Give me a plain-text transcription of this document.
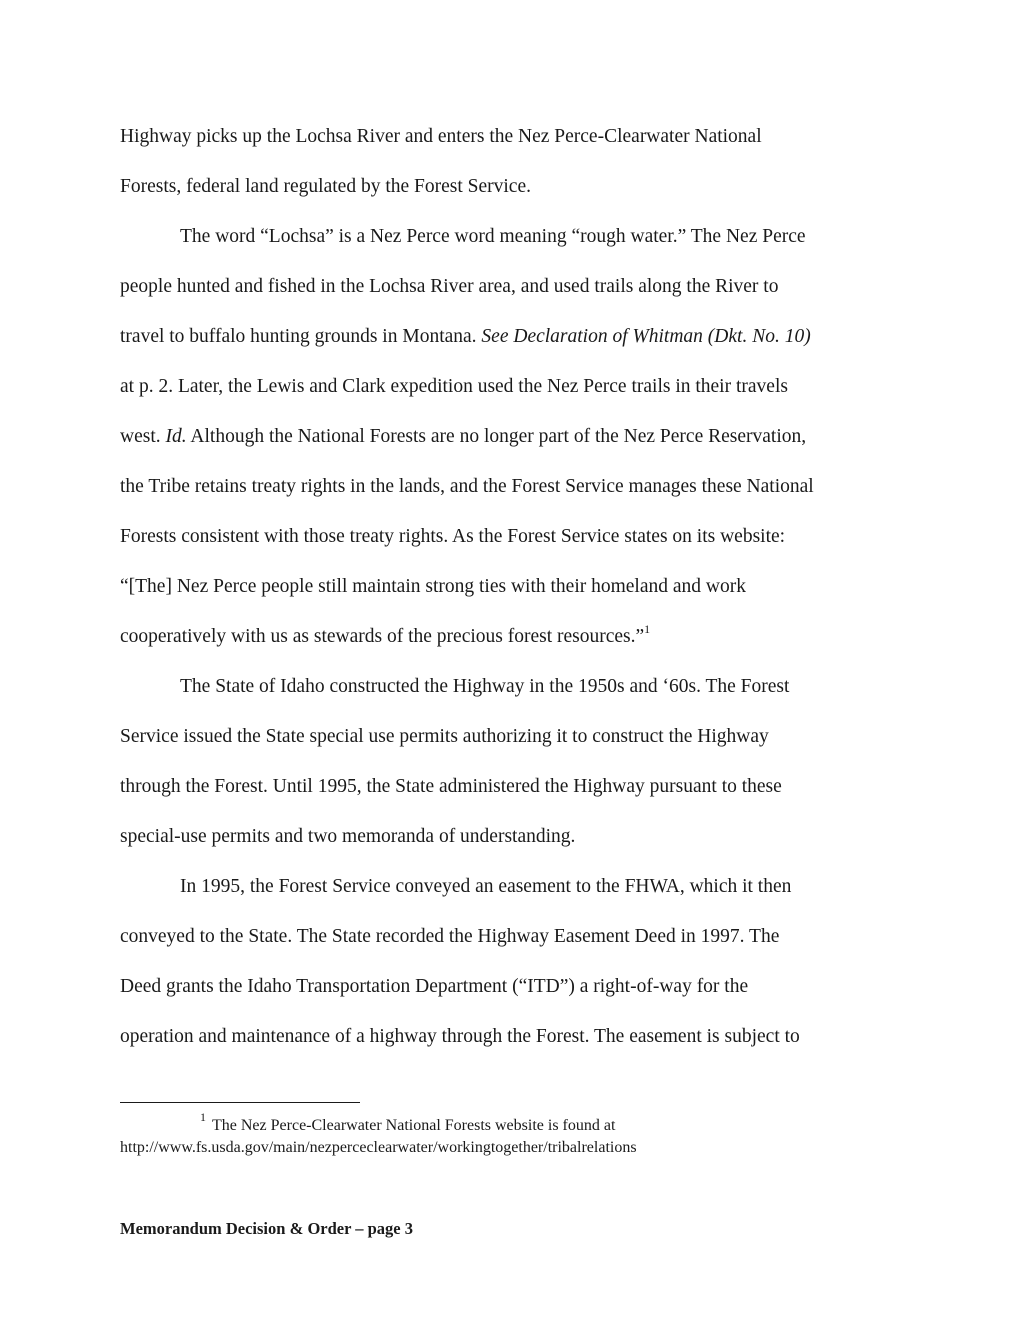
Highway picks up the Lochsa River and enters the Nez Perce-Clearwater National
Forests, federal land regulated by the Forest Service.

The word “Lochsa” is a Nez Perce word meaning “rough water.” The Nez Perce
people hunted and fished in the Lochsa River area, and used trails along the River to
travel to buffalo hunting grounds in Montana. See Declaration of Whitman (Dkt. No. 10)
at p. 2. Later, the Lewis and Clark expedition used the Nez Perce trails in their travels
west. Id. Although the National Forests are no longer part of the Nez Perce Reservation,
the Tribe retains treaty rights in the lands, and the Forest Service manages these National
Forests consistent with those treaty rights. As the Forest Service states on its website:
“[The] Nez Perce people still maintain strong ties with their homeland and work
cooperatively with us as stewards of the precious forest resources.”$^1$

The State of Idaho constructed the Highway in the 1950s and ‘60s. The Forest
Service issued the State special use permits authorizing it to construct the Highway
through the Forest. Until 1995, the State administered the Highway pursuant to these
special-use permits and two memoranda of understanding.

In 1995, the Forest Service conveyed an easement to the FHWA, which it then
conveyed to the State. The State recorded the Highway Easement Deed in 1997. The
Deed grants the Idaho Transportation Department (“ITD”) a right-of-way for the
operation and maintenance of a highway through the Forest. The easement is subject to

$^1$The Nez Perce-Clearwater National Forests website is found at
http://www.fs.usda.gov/main/nezperceclearwater/workingtogether/tribalrelations
Memorandum Decision & Order – page 3
